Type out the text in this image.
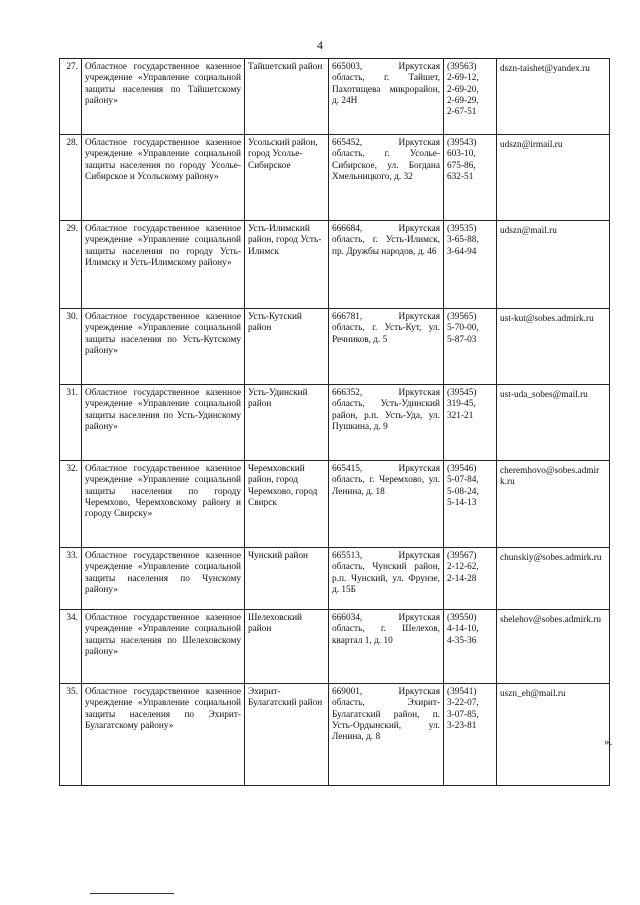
4
27.	Областное государственное казенное учреждение «Управление социальной защиты населения по Тайшетскому району»	Тайшетский район	665003, Иркутская область, г. Тайшет, Пахотищева микрорайон, д. 24Н	(39563)
2-69-12,
2-69-20,
2-69-29,
2-67-51	dszn-taishet@yandex.ru
28.	Областное государственное казенное учреждение «Управление социальной защиты населения по городу Усолье-Сибирское и Усольскому району»	Усольский район, город Усолье-Сибирское	665452, Иркутская область, г. Усолье-Сибирское, ул. Богдана Хмельницкого, д. 32	(39543)
603-10,
675-86,
632-51	udszn@irmail.ru
29.	Областное государственное казенное учреждение «Управление социальной защиты населения по городу Усть-Илимску и Усть-Илимскому району»	Усть-Илимский район, город Усть-Илимск	666684, Иркутская область, г. Усть-Илимск, пр. Дружбы народов, д. 46	(39535)
3-65-88,
3-64-94	udszn@mail.ru
30.	Областное государственное казенное учреждение «Управление социальной защиты населения по Усть-Кутскому району»	Усть-Кутский район	666781, Иркутская область, г. Усть-Кут, ул. Речников, д. 5	(39565)
5-70-00,
5-87-03	ust-kut@sobes.admirk.ru
31.	Областное государственное казенное учреждение «Управление социальной защиты населения по Усть-Удинскому району»	Усть-Удинский район	666352, Иркутская область, Усть-Удинский район, р.п. Усть-Уда, ул. Пушкина, д. 9	(39545)
319-45,
321-21	ust-uda_sobes@mail.ru
32.	Областное государственное казенное учреждение «Управление социальной защиты населения по городу Черемхово, Черемховскому району и городу Свирску»	Черемховский район, город Черемхово, город Свирск	665415, Иркутская область, г. Черемхово, ул. Ленина, д. 18	(39546)
5-07-84,
5-08-24,
5-14-13	cheremhovo@sobes.admirk.ru
33.	Областное государственное казенное учреждение «Управление социальной защиты населения по Чунскому району»	Чунский район	665513, Иркутская область, Чунский район, р.п. Чунский, ул. Фрунзе, д. 15Б	(39567)
2-12-62,
2-14-28	chunskiy@sobes.admirk.ru
34.	Областное государственное казенное учреждение «Управление социальной защиты населения по Шелеховскому району»	Шелеховский район	666034, Иркутская область, г. Шелехов, квартал 1, д. 10	(39550)
4-14-10,
4-35-36	shelehov@sobes.admirk.ru
35.	Областное государственное казенное учреждение «Управление социальной защиты населения по Эхирит-Булагатскому району»	Эхирит-Булагатский район	669001, Иркутская область, Эхирит-Булагатский район, п. Усть-Ордынский, ул. Ленина, д. 8	(39541)
3-22-07,
3-07-85,
3-23-81	uszn_eh@mail.ru
».
